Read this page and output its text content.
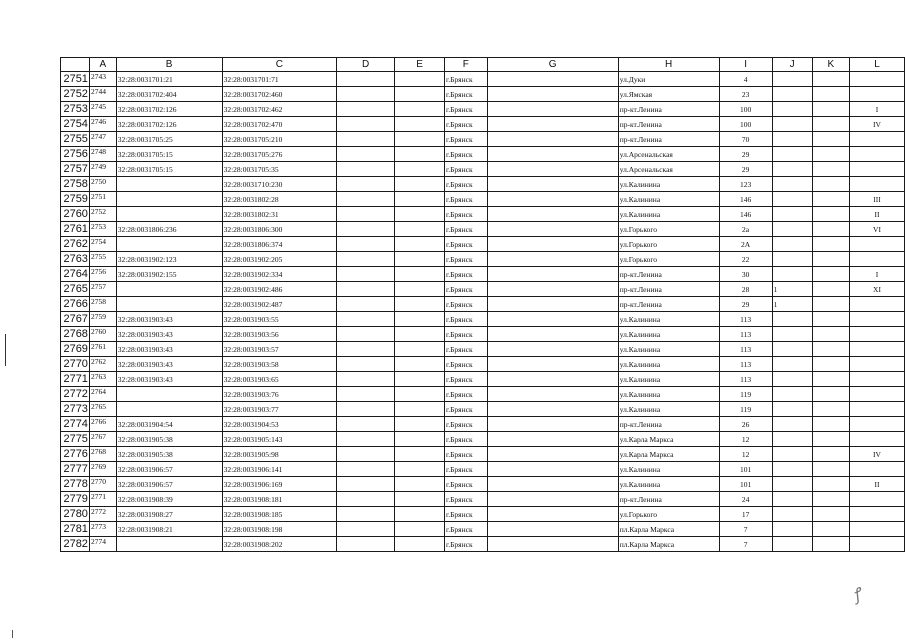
ꝭ
	A	B	C	D	E	F	G	H	I	J	K	L
2751	2743	32:28:0031701:21	32:28:0031701:71			г.Брянск		ул.Дуки	4			
2752	2744	32:28:0031702:404	32:28:0031702:460			г.Брянск		ул.Ямская	23			
2753	2745	32:28:0031702:126	32:28:0031702:462			г.Брянск		пр-кт.Ленина	100			I
2754	2746	32:28:0031702:126	32:28:0031702:470			г.Брянск		пр-кт.Ленина	100			IV
2755	2747	32:28:0031705:25	32:28:0031705:210			г.Брянск		пр-кт.Ленина	70			
2756	2748	32:28:0031705:15	32:28:0031705:276			г.Брянск		ул.Арсенальская	29			
2757	2749	32:28:0031705:15	32:28:0031705:35			г.Брянск		ул.Арсенальская	29			
2758	2750		32:28:0031710:230			г.Брянск		ул.Калинина	123			
2759	2751		32:28:0031802:28			г.Брянск		ул.Калинина	146			III
2760	2752		32:28:0031802:31			г.Брянск		ул.Калинина	146			II
2761	2753	32:28:0031806:236	32:28:0031806:300			г.Брянск		ул.Горького	2а			VI
2762	2754		32:28:0031806:374			г.Брянск		ул.Горького	2А			
2763	2755	32:28:0031902:123	32:28:0031902:205			г.Брянск		ул.Горького	22			
2764	2756	32:28:0031902:155	32:28:0031902:334			г.Брянск		пр-кт.Ленина	30			I
2765	2757		32:28:0031902:486			г.Брянск		пр-кт.Ленина	28	1		XI
2766	2758		32:28:0031902:487			г.Брянск		пр-кт.Ленина	29	1		
2767	2759	32:28:0031903:43	32:28:0031903:55			г.Брянск		ул.Калинина	113			
2768	2760	32:28:0031903:43	32:28:0031903:56			г.Брянск		ул.Калинина	113			
2769	2761	32:28:0031903:43	32:28:0031903:57			г.Брянск		ул.Калинина	113			
2770	2762	32:28:0031903:43	32:28:0031903:58			г.Брянск		ул.Калинина	113			
2771	2763	32:28:0031903:43	32:28:0031903:65			г.Брянск		ул.Калинина	113			
2772	2764		32:28:0031903:76			г.Брянск		ул.Калинина	119			
2773	2765		32:28:0031903:77			г.Брянск		ул.Калинина	119			
2774	2766	32:28:0031904:54	32:28:0031904:53			г.Брянск		пр-кт.Ленина	26			
2775	2767	32:28:0031905:38	32:28:0031905:143			г.Брянск		ул.Карла Маркса	12			
2776	2768	32:28:0031905:38	32:28:0031905:98			г.Брянск		ул.Карла Маркса	12			IV
2777	2769	32:28:0031906:57	32:28:0031906:141			г.Брянск		ул.Калинина	101			
2778	2770	32:28:0031906:57	32:28:0031906:169			г.Брянск		ул.Калинина	101			II
2779	2771	32:28:0031908:39	32:28:0031908:181			г.Брянск		пр-кт.Ленина	24			
2780	2772	32:28:0031908:27	32:28:0031908:185			г.Брянск		ул.Горького	17			
2781	2773	32:28:0031908:21	32:28:0031908:198			г.Брянск		пл.Карла Маркса	7			
2782	2774		32:28:0031908:202			г.Брянск		пл.Карла Маркса	7			
